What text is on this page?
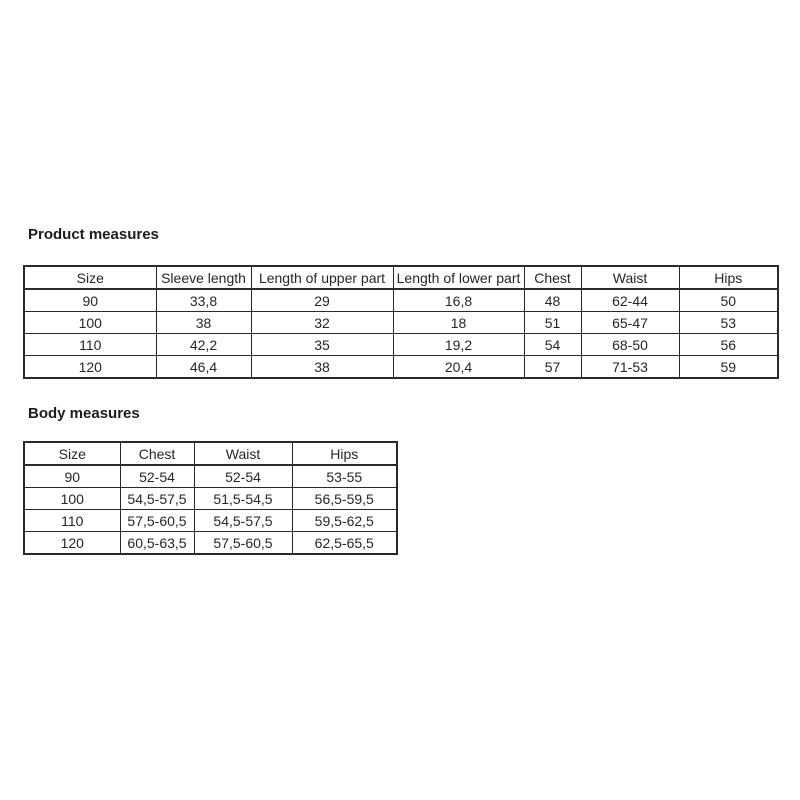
Product measures
Size	Sleeve length	Length of upper part	Length of lower part	Chest	Waist	Hips
90	33,8	29	16,8	48	62-44	50
100	38	32	18	51	65-47	53
110	42,2	35	19,2	54	68-50	56
120	46,4	38	20,4	57	71-53	59
Body measures
Size	Chest	Waist	Hips
90	52-54	52-54	53-55
100	54,5-57,5	51,5-54,5	56,5-59,5
110	57,5-60,5	54,5-57,5	59,5-62,5
120	60,5-63,5	57,5-60,5	62,5-65,5
